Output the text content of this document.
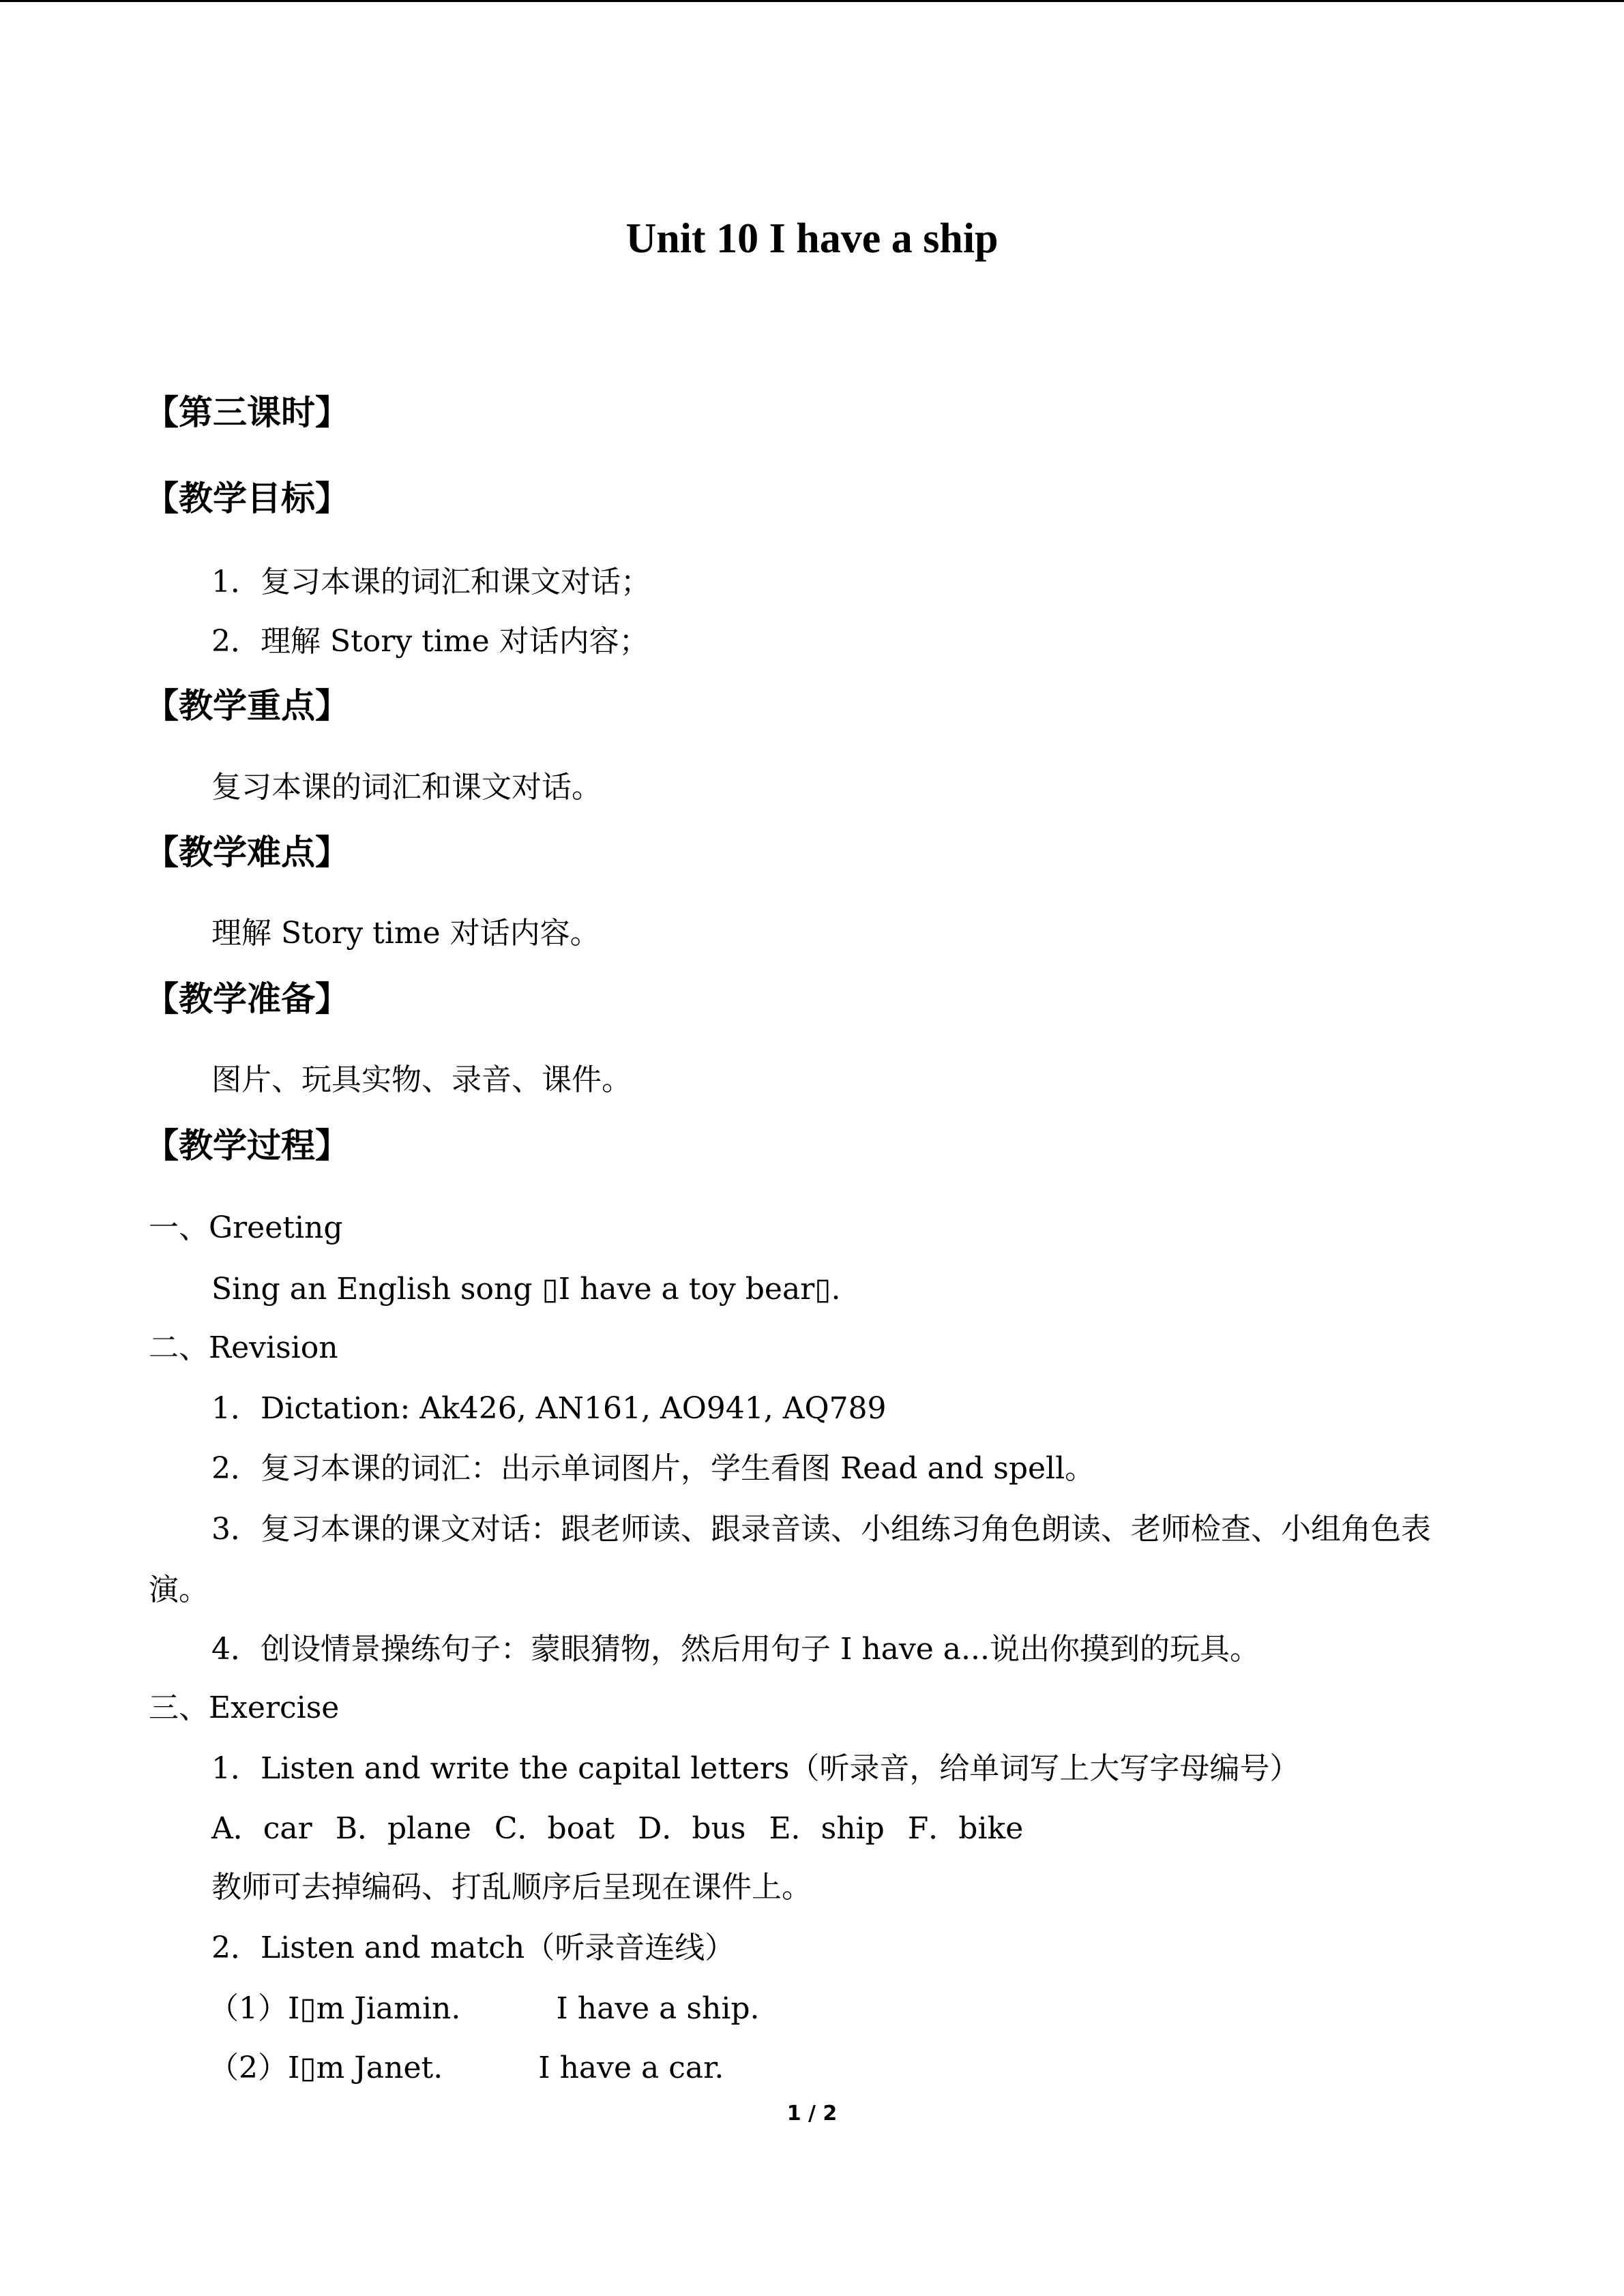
Unit 10 I have a ship
【第三课时】
【教学目标】
1．复习本课的词汇和课文对话；
2．理解 Story time 对话内容；
【教学重点】
复习本课的词汇和课文对话。
【教学难点】
理解 Story time 对话内容。
【教学准备】
图片、玩具实物、录音、课件。
【教学过程】
一、Greeting
Sing an English song ▯I have a toy bear▯.
二、Revision
1．Dictation: Ak426, AN161, AO941, AQ789
2．复习本课的词汇：出示单词图片，学生看图 Read and spell。
3．复习本课的课文对话：跟老师读、跟录音读、小组练习角色朗读、老师检查、小组角色表演。
4．创设情景操练句子：蒙眼猜物，然后用句子 I have a...说出你摸到的玩具。
三、Exercise
1．Listen and write the capital letters（听录音，给单词写上大写字母编号）
A．car B．plane C．boat D．bus E．ship F．bike
教师可去掉编码、打乱顺序后呈现在课件上。
2．Listen and match（听录音连线）
（1）I▯m Jiamin.	I have a ship.
（2）I▯m Janet.	I have a car.
1 / 2
